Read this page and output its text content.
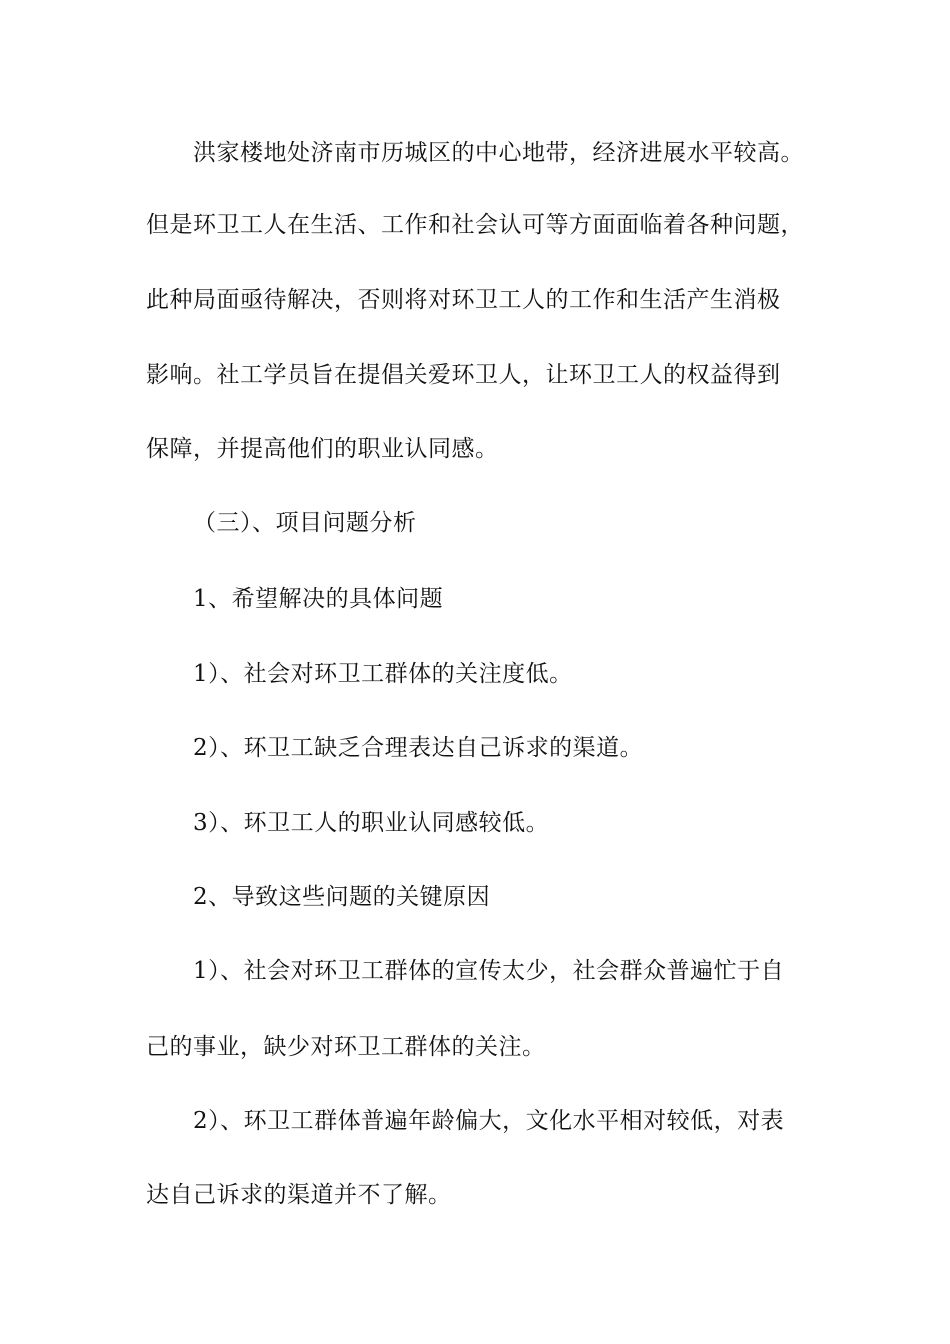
洪家楼地处济南市历城区的中心地带，经济进展水平较高。

但是环卫工人在生活、工作和社会认可等方面面临着各种问题，

此种局面亟待解决，否则将对环卫工人的工作和生活产生消极

影响。社工学员旨在提倡关爱环卫人，让环卫工人的权益得到

保障，并提高他们的职业认同感。

（三）、项目问题分析

1、希望解决的具体问题

1）、社会对环卫工群体的关注度低。

2）、环卫工缺乏合理表达自己诉求的渠道。

3）、环卫工人的职业认同感较低。

2、导致这些问题的关键原因

1）、社会对环卫工群体的宣传太少，社会群众普遍忙于自

己的事业，缺少对环卫工群体的关注。

2）、环卫工群体普遍年龄偏大，文化水平相对较低，对表

达自己诉求的渠道并不了解。
